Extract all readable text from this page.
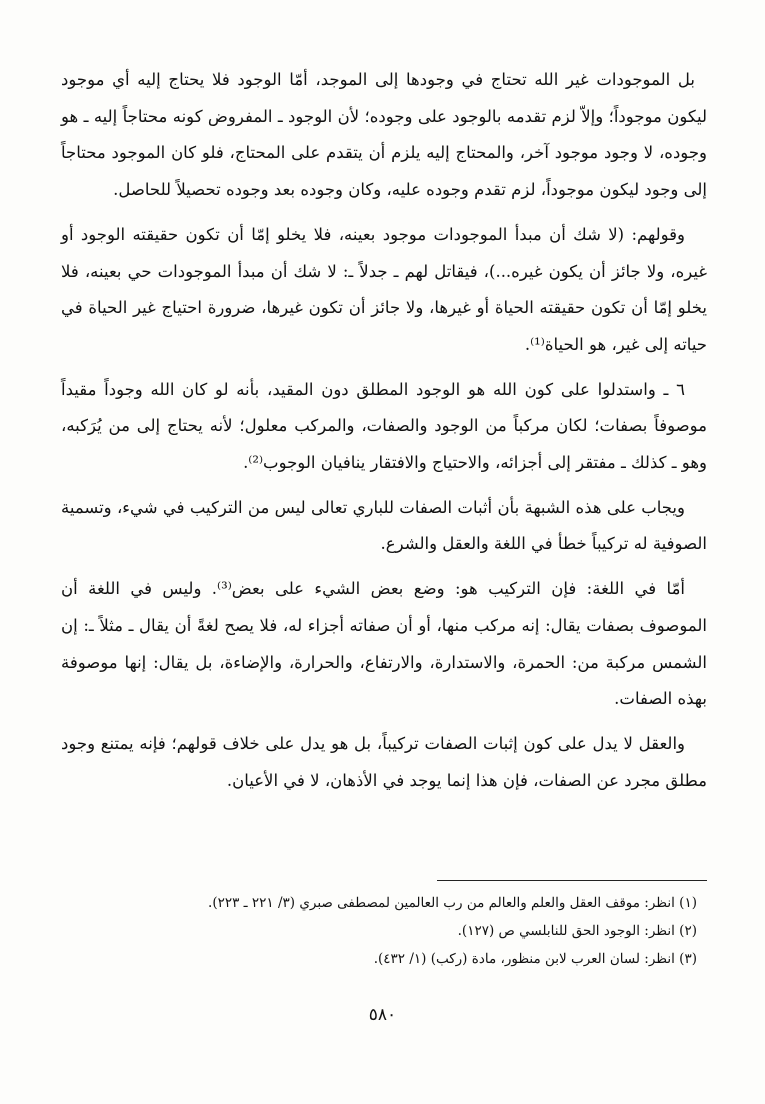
بل الموجودات غير الله تحتاج في وجودها إلى الموجد، أمّا الوجود فلا يحتاج إليه أي موجود ليكون موجوداً؛ وإلاّ لزم تقدمه بالوجود على وجوده؛ لأن الوجود ـ المفروض كونه محتاجاً إليه ـ هو وجوده، لا وجود موجود آخر، والمحتاج إليه يلزم أن يتقدم على المحتاج، فلو كان الموجود محتاجاً إلى وجود ليكون موجوداً، لزم تقدم وجوده عليه، وكان وجوده بعد وجوده تحصيلاً للحاصل.

وقولهم: (لا شك أن مبدأ الموجودات موجود بعينه، فلا يخلو إمّا أن تكون حقيقته الوجود أو غيره، ولا جائز أن يكون غيره...)، فيقاتل لهم ـ جدلاً ـ: لا شك أن مبدأ الموجودات حي بعينه، فلا يخلو إمّا أن تكون حقيقته الحياة أو غيرها، ولا جائز أن تكون غيرها، ضرورة احتياج غير الحياة في حياته إلى غير، هو الحياة⁽¹⁾.

٦ ـ واستدلوا على كون الله هو الوجود المطلق دون المقيد، بأنه لو كان الله وجوداً مقيداً موصوفاً بصفات؛ لكان مركباً من الوجود والصفات، والمركب معلول؛ لأنه يحتاج إلى من يُرَكبه، وهو ـ كذلك ـ مفتقر إلى أجزائه، والاحتياج والافتقار ينافيان الوجوب⁽²⁾.

ويجاب على هذه الشبهة بأن أثبات الصفات للباري تعالى ليس من التركيب في شيء، وتسمية الصوفية له تركيباً خطأ في اللغة والعقل والشرع.

أمّا في اللغة: فإن التركيب هو: وضع بعض الشيء على بعض⁽³⁾. وليس في اللغة أن الموصوف بصفات يقال: إنه مركب منها، أو أن صفاته أجزاء له، فلا يصح لغةً أن يقال ـ مثلاً ـ: إن الشمس مركبة من: الحمرة، والاستدارة، والارتفاع، والحرارة، والإضاءة، بل يقال: إنها موصوفة بهذه الصفات.

والعقل لا يدل على كون إثبات الصفات تركيباً، بل هو يدل على خلاف قولهم؛ فإنه يمتنع وجود مطلق مجرد عن الصفات، فإن هذا إنما يوجد في الأذهان، لا في الأعيان.

(١) انظر: موقف العقل والعلم والعالم من رب العالمين لمصطفى صبري (٣/ ٢٢١ ـ ٢٢٣).
(٢) انظر: الوجود الحق للنابلسي ص (١٢٧).
(٣) انظر: لسان العرب لابن منظور، مادة (ركب) (١/ ٤٣٢).
٥٨٠
